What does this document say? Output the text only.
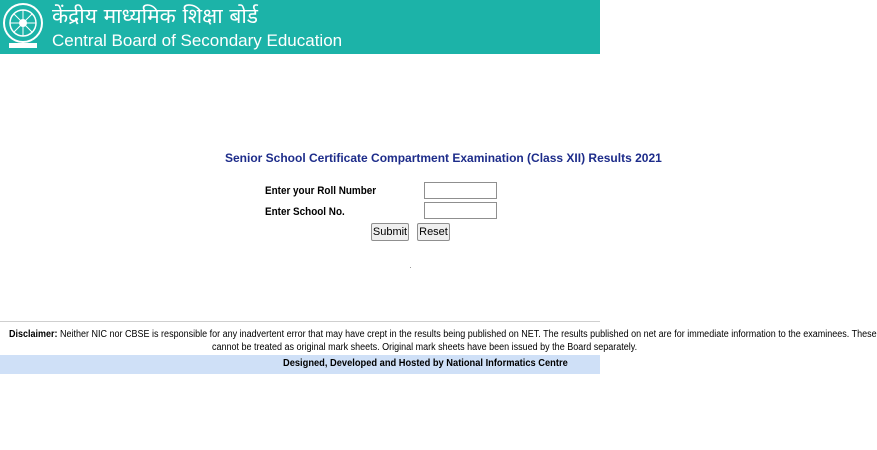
केंद्रीय माध्यमिक शिक्षा बोर्ड
Central Board of Secondary Education
Senior School Certificate Compartment Examination (Class XII) Results 2021
Enter your Roll Number
Enter School No.
Submit Reset
Disclaimer: Neither NIC nor CBSE is responsible for any inadvertent error that may have crept in the results being published on NET. The results published on net are for immediate information to the examinees. These
cannot be treated as original mark sheets. Original mark sheets have been issued by the Board separately.
Designed, Developed and Hosted by National Informatics Centre
